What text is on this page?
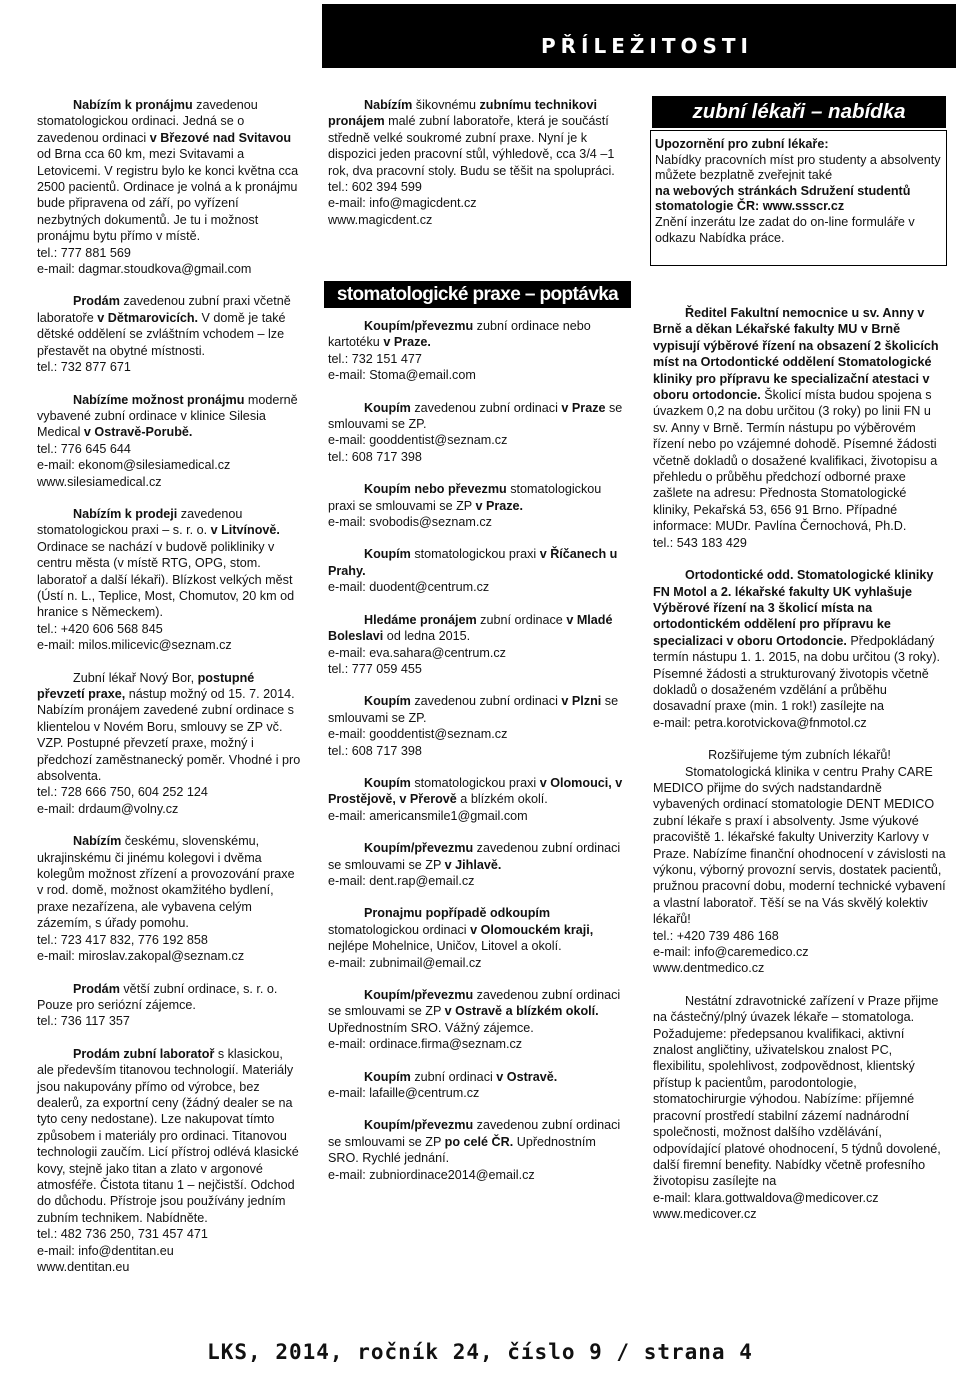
PŘÍLEŽITOSTI

Nabízím k pronájmu zavedenou stomatologickou ordinaci. Jedná se o zavedenou ordinaci v Březové nad Svitavou od Brna cca 60 km, mezi Svitavami a Letovicemi. V registru bylo ke konci května cca 2500 pacientů. Ordinace je volná a k pronájmu bude připravena od září, po vyřízení nezbytných dokumentů. Je tu i možnost pronájmu bytu přímo v místě.

tel.: 777 881 569

e-mail: dagmar.stoudkova@gmail.com

Prodám zavedenou zubní praxi včetně laboratoře v Dětmarovicích. V domě je také dětské oddělení se zvláštním vchodem – lze přestavět na obytné místnosti.

tel.: 732 877 671

Nabízíme možnost pronájmu moderně vybavené zubní ordinace v klinice Silesia Medical v Ostravě-Porubě.

tel.: 776 645 644

e-mail: ekonom@silesiamedical.cz

www.silesiamedical.cz

Nabízím k prodeji zavedenou stomatologickou praxi – s. r. o. v Litvínově. Ordinace se nachází v budově polikliniky v centru města (v místě RTG, OPG, stom. laboratoř a další lékaři). Blízkost velkých měst (Ústí n. L., Teplice, Most, Chomutov, 20 km od hranice s Německem).

tel.: +420 606 568 845

e-mail: milos.milicevic@seznam.cz

Zubní lékař Nový Bor, postupné převzetí praxe, nástup možný od 15. 7. 2014. Nabízím pronájem zavedené zubní ordinace s klientelou v Novém Boru, smlouvy se ZP vč. VZP. Postupné převzetí praxe, možný i předchozí zaměstnanecký poměr. Vhodné i pro absolventa.

tel.: 728 666 750, 604 252 124

e-mail: drdaum@volny.cz

Nabízím českému, slovenskému, ukrajinskému či jinému kolegovi i dvěma kolegům možnost zřízení a provozování praxe v rod. domě, možnost okamžitého bydlení, praxe nezařízena, ale vybavena celým zázemím, s úřady pomohu.

tel.: 723 417 832, 776 192 858

e-mail: miroslav.zakopal@seznam.cz

Prodám větší zubní ordinace, s. r. o. Pouze pro seriózní zájemce.

tel.: 736 117 357

Prodám zubní laboratoř s klasickou, ale především titanovou technologií. Materiály jsou nakupovány přímo od výrobce, bez dealerů, za exportní ceny (žádný dealer se na tyto ceny nedostane). Lze nakupovat tímto způsobem i materiály pro ordinaci. Titanovou technologii zaučím. Licí přístroj odlévá klasické kovy, stejně jako titan a zlato v argonové atmosféře. Čistota titanu 1 – nejčistší. Odchod do důchodu. Přístroje jsou používány jedním zubním technikem. Nabídněte.

tel.: 482 736 250, 731 457 471

e-mail: info@dentitan.eu

www.dentitan.eu

Nabízím šikovnému zubnímu technikovi pronájem malé zubní laboratoře, která je součástí středně velké soukromé zubní praxe. Nyní je k dispozici jeden pracovní stůl, výhledově, cca 3/4 –1 rok, dva pracovní stoly. Budu se těšit na spolupráci.

tel.: 602 394 599

e-mail: info@magicdent.cz

www.magicdent.cz

stomatologické praxe – poptávka

Koupím/převezmu zubní ordinace nebo kartotéku v Praze.

tel.: 732 151 477

e-mail: Stoma@email.com

Koupím zavedenou zubní ordinaci v Praze se smlouvami se ZP.

e-mail: gooddentist@seznam.cz

tel.: 608 717 398

Koupím nebo převezmu stomatologickou praxi se smlouvami se ZP v Praze.

e-mail: svobodis@seznam.cz

Koupím stomatologickou praxi v Říčanech u Prahy.

e-mail: duodent@centrum.cz

Hledáme pronájem zubní ordinace v Mladé Boleslavi od ledna 2015.

e-mail: eva.sahara@centrum.cz

tel.: 777 059 455

Koupím zavedenou zubní ordinaci v Plzni se smlouvami se ZP.

e-mail: gooddentist@seznam.cz

tel.: 608 717 398

Koupím stomatologickou praxi v Olomouci, v Prostějově, v Přerově a blízkém okolí.

e-mail: americansmile1@gmail.com

Koupím/převezmu zavedenou zubní ordinaci se smlouvami se ZP v Jihlavě.

e-mail: dent.rap@email.cz

Pronajmu popřípadě odkoupím stomatologickou ordinaci v Olomouckém kraji, nejlépe Mohelnice, Uničov, Litovel a okolí.

e-mail: zubnimail@email.cz

Koupím/převezmu zavedenou zubní ordinaci se smlouvami se ZP v Ostravě a blízkém okolí. Upřednostním SRO. Vážný zájemce.

e-mail: ordinace.firma@seznam.cz

Koupím zubní ordinaci v Ostravě.

e-mail: lafaille@centrum.cz

Koupím/převezmu zavedenou zubní ordinaci se smlouvami se ZP po celé ČR. Upřednostním SRO. Rychlé jednání.

e-mail: zubniordinace2014@email.cz

zubní lékaři – nabídka

Upozornění pro zubní lékaře:

Nabídky pracovních míst pro studenty a absolventy můžete bezplatně zveřejnit také

na webových stránkách Sdružení studentů stomatologie ČR: www.ssscr.cz

Znění inzerátu lze zadat do on-line formuláře v odkazu Nabídka práce.

Ředitel Fakultní nemocnice u sv. Anny v Brně a děkan Lékařské fakulty MU v Brně vypisují výběrové řízení na obsazení 2 školicích míst na Ortodontické oddělení Stomatologické kliniky pro přípravu ke specializační atestaci v oboru ortodoncie. Školicí místa budou spojena s úvazkem 0,2 na dobu určitou (3 roky) po linii FN u sv. Anny v Brně. Termín nástupu po výběrovém řízení nebo po vzájemné dohodě. Písemné žádosti včetně dokladů o dosažené kvalifikaci, životopisu a přehledu o průběhu předchozí odborné praxe zašlete na adresu: Přednosta Stomatologické kliniky, Pekařská 53, 656 91 Brno. Případné informace: MUDr. Pavlína Černochová, Ph.D.

tel.: 543 183 429

Ortodontické odd. Stomatologické kliniky FN Motol a 2. lékařské fakulty UK vyhlašuje Výběrové řízení na 3 školicí místa na ortodontickém oddělení pro přípravu ke specializaci v oboru Ortodoncie. Předpokládaný termín nástupu 1. 1. 2015, na dobu určitou (3 roky). Písemné žádosti a strukturovaný životopis včetně dokladů o dosaženém vzdělání a průběhu dosavadní praxe (min. 1 rok!) zasílejte na

e-mail: petra.korotvickova@fnmotol.cz

Rozšiřujeme tým zubních lékařů!

Stomatologická klinika v centru Prahy CARE MEDICO přijme do svých nadstandardně vybavených ordinací stomatologie DENT MEDICO zubní lékaře s praxí i absolventy. Jsme výukové pracoviště 1. lékařské fakulty Univerzity Karlovy v Praze. Nabízíme finanční ohodnocení v závislosti na výkonu, výborný provozní servis, dostatek pacientů, pružnou pracovní dobu, moderní technické vybavení a vlastní laboratoř. Těší se na Vás skvělý kolektiv lékařů!

tel.: +420 739 486 168

e-mail: info@caremedico.cz

www.dentmedico.cz

Nestátní zdravotnické zařízení v Praze přijme na částečný/plný úvazek lékaře – stomatologa. Požadujeme: předepsanou kvalifikaci, aktivní znalost angličtiny, uživatelskou znalost PC, flexibilitu, spolehlivost, zodpovědnost, klientský přístup k pacientům, parodontologie, stomatochirurgie výhodou. Nabízíme: příjemné pracovní prostředí stabilní zázemí nadnárodní společnosti, možnost dalšího vzdělávání, odpovídající platové ohodnocení, 5 týdnů dovolené, další firemní benefity. Nabídky včetně profesního životopisu zasílejte na

e-mail: klara.gottwaldova@medicover.cz

www.medicover.cz

LKS, 2014, ročník 24, číslo 9 / strana 4
